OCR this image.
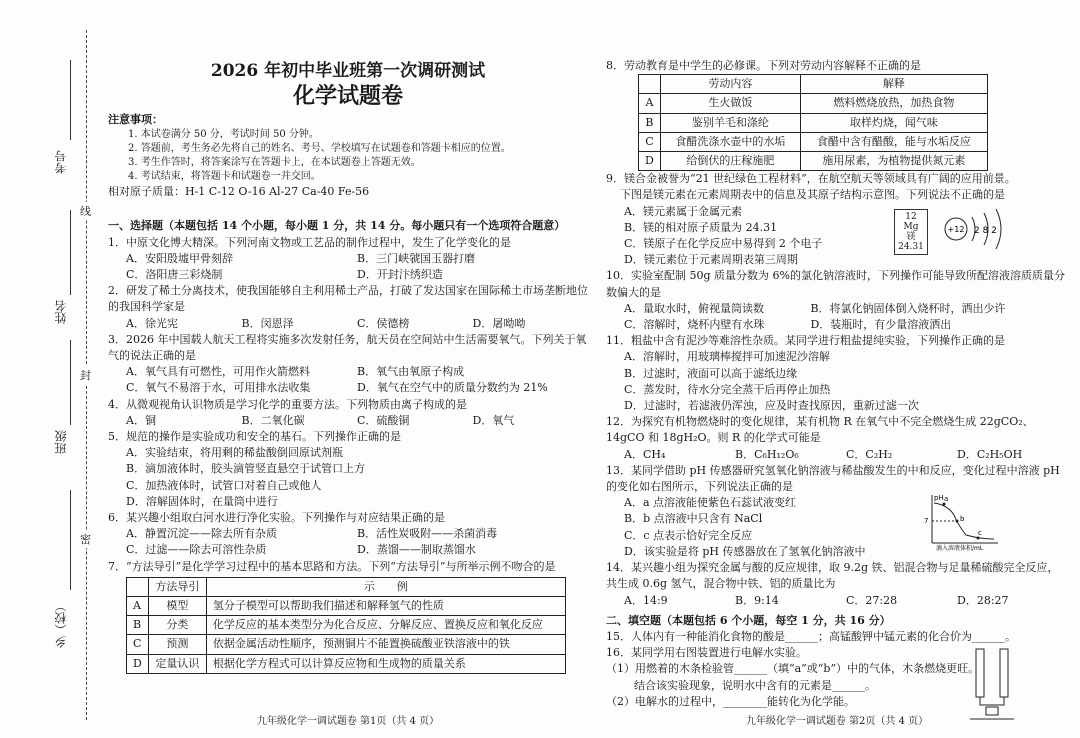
考号
姓名
班级
乡（校）
线
封
密
2026 年初中毕业班第一次调研测试
化学试题卷
注意事项：
1. 本试卷满分 50 分，考试时间 50 分钟。
2. 答题前，考生务必先将自己的姓名、考号、学校填写在试题卷和答题卡相应的位置。
3. 考生作答时，将答案涂写在答题卡上，在本试题卷上答题无效。
4. 考试结束，将答题卡和试题卷一并交回。
相对原子质量：H-1 C-12 O-16 Al-27 Ca-40 Fe-56
一、选择题（本题包括 14 个小题，每小题 1 分，共 14 分。每小题只有一个选项符合题意）
1．中原文化博大精深。下列河南文物或工艺品的制作过程中，发生了化学变化的是
A．安阳殷墟甲骨刻辞	B．三门峡虢国玉器打磨
C．洛阳唐三彩烧制	D．开封汴绣织造
2．研发了稀土分离技术，使我国能够自主利用稀土产品，打破了发达国家在国际稀土市场垄断地位的我国科学家是
A．徐光宪	B．闵恩泽	C．侯德榜	D．屠呦呦
3．2026 年中国载人航天工程将实施多次发射任务，航天员在空间站中生活需要氧气。下列关于氧气的说法正确的是
A．氧气具有可燃性，可用作火箭燃料	B．氧气由氧原子构成
C．氧气不易溶于水，可用排水法收集	D．氧气在空气中的质量分数约为 21%
4．从微观视角认识物质是学习化学的重要方法。下列物质由离子构成的是
A．铜	B．二氧化碳	C．硫酸铜	D．氧气
5．规范的操作是实验成功和安全的基石。下列操作正确的是
A．实验结束，将用剩的稀盐酸倒回原试剂瓶
B．滴加液体时，胶头滴管竖直悬空于试管口上方
C．加热液体时，试管口对着自己或他人
D．溶解固体时，在量筒中进行
6．某兴趣小组取白河水进行净化实验。下列操作与对应结果正确的是
A．静置沉淀——除去所有杂质	B．活性炭吸附——杀菌消毒
C．过滤——除去可溶性杂质	D．蒸馏——制取蒸馏水
7．“方法导引”是化学学习过程中的基本思路和方法。下列“方法导引”与所举示例不吻合的是
	方法导引	示　　例
A	模型	氢分子模型可以帮助我们描述和解释氢气的性质
B	分类	化学反应的基本类型分为化合反应、分解反应、置换反应和氧化反应
C	预测	依据金属活动性顺序，预测铜片不能置换硫酸亚铁溶液中的铁
D	定量认识	根据化学方程式可以计算反应物和生成物的质量关系
九年级化学一调试题卷 第1页（共 4 页）
8．劳动教育是中学生的必修课。下列对劳动内容解释不正确的是
	劳动内容	解释
A	生火做饭	燃料燃烧放热，加热食物
B	鉴别羊毛和涤纶	取样灼烧，闻气味
C	食醋洗涤水壶中的水垢	食醋中含有醋酸，能与水垢反应
D	给倒伏的庄稼施肥	施用尿素，为植物提供氮元素
9．镁合金被誉为“21 世纪绿色工程材料”，在航空航天等领域具有广阔的应用前景。
下图是镁元素在元素周期表中的信息及其原子结构示意图。下列说法不正确的是
A．镁元素属于金属元素
B．镁的相对原子质量为 24.31
C．镁原子在化学反应中易得到 2 个电子
D．镁元素位于元素周期表第三周期
12 Mg
镁
24.31
+12 2 8 2
10．实验室配制 50g 质量分数为 6%的氯化钠溶液时，下列操作可能导致所配溶液溶质质量分数偏大的是
A．量取水时，俯视量筒读数	B．将氯化钠固体倒入烧杯时，洒出少许
C．溶解时，烧杯内壁有水珠	D．装瓶时，有少量溶液洒出
11．粗盐中含有泥沙等难溶性杂质。某同学进行粗盐提纯实验，下列操作正确的是
A．溶解时，用玻璃棒搅拌可加速泥沙溶解
B．过滤时，液面可以高于滤纸边缘
C．蒸发时，待水分完全蒸干后再停止加热
D．过滤时，若滤液仍浑浊，应及时查找原因，重新过滤一次
12．为探究有机物燃烧时的变化规律，某有机物 R 在氧气中不完全燃烧生成 22gCO₂、14gCO 和 18gH₂O。则 R 的化学式可能是
A．CH₄	B．C₆H₁₂O₆	C．C₂H₂	D．C₂H₅OH
13．某同学借助 pH 传感器研究氢氧化钠溶液与稀盐酸发生的中和反应，变化过程中溶液 pH 的变化如右图所示，下列说法正确的是
A．a 点溶液能使紫色石蕊试液变红
B．b 点溶液中只含有 NaCl
C．c 点表示恰好完全反应
D．该实验是将 pH 传感器放在了氢氧化钠溶液中
pH
7
a
b
c
滴入溶液体积/mL
14．某兴趣小组为探究金属与酸的反应规律，取 9.2g 铁、铝混合物与足量稀硫酸完全反应，共生成 0.6g 氢气，混合物中铁、铝的质量比为
A．14:9	B．9:14	C．27:28	D．28:27
二、填空题（本题包括 6 个小题，每空 1 分，共 16 分）
15．人体内有一种能消化食物的酸是______；高锰酸钾中锰元素的化合价为______。
16．某同学用右图装置进行电解水实验。
（1）用燃着的木条检验管______（填“a”或“b”）中的气体，木条燃烧更旺。
结合该实验现象，说明水中含有的元素是______。
（2）电解水的过程中，________能转化为化学能。
九年级化学一调试题卷 第2页（共 4 页）
